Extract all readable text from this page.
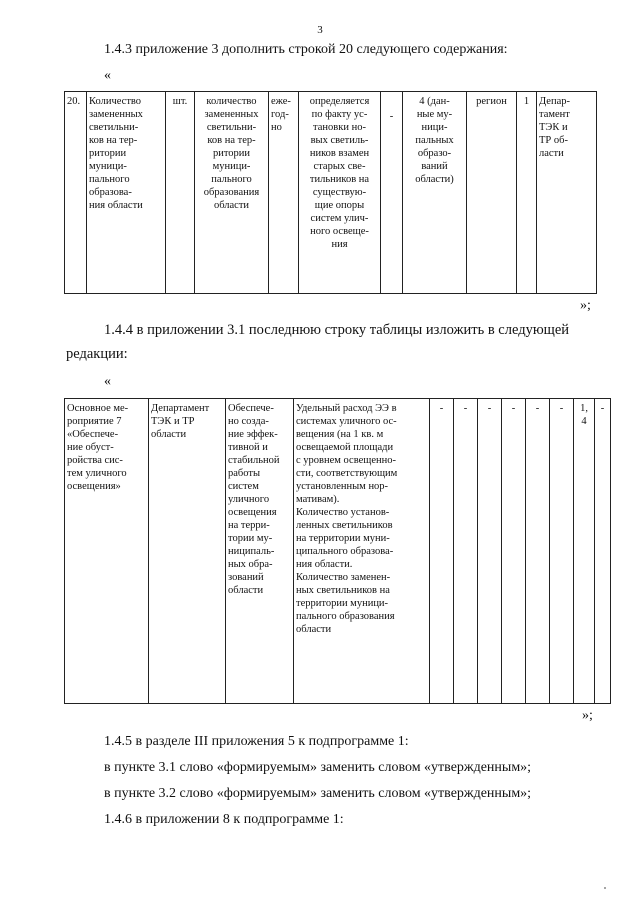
3
1.4.3 приложение 3 дополнить строкой 20 следующего содержания:
«
20.	Количество
замененных
светильни-
ков на тер-
ритории
муници-
пального
образова-
ния области	шт.	количество
замененных
светильни-
ков на тер-
ритории
муници-
пального
образования
области	еже-
год-
но	определяется
по факту ус-
тановки но-
вых светиль-
ников взамен
старых све-
тильников на
существую-
щие опоры
систем улич-
ного освеще-
ния	-	4 (дан-
ные му-
ници-
пальных
образо-
ваний
области)	регион	1	Депар-
тамент
ТЭК и
ТР об-
ласти
»;
1.4.4 в приложении 3.1 последнюю строку таблицы изложить в следующей
редакции:
«
Основное ме-
роприятие 7
«Обеспече-
ние обуст-
ройства сис-
тем уличного
освещения»	Департамент
ТЭК и ТР
области	Обеспече-
но созда-
ние эффек-
тивной и
стабильной
работы
систем
уличного
освещения
на терри-
тории му-
ниципаль-
ных обра-
зований
области	Удельный расход ЭЭ в
системах уличного ос-
вещения (на 1 кв. м
освещаемой площади
с уровнем освещенно-
сти, соответствующим
установленным нор-
мативам).
Количество установ-
ленных светильников
на территории муни-
ципального образова-
ния области.
Количество заменен-
ных светильников на
территории муници-
пального образования
области	-	-	-	-	-	-	1,
4	-
»;
1.4.5 в разделе III приложения 5 к подпрограмме 1:
в пункте 3.1 слово «формируемым» заменить словом «утвержденным»;
в пункте 3.2 слово «формируемым» заменить словом «утвержденным»;
1.4.6 в приложении 8 к подпрограмме 1:
